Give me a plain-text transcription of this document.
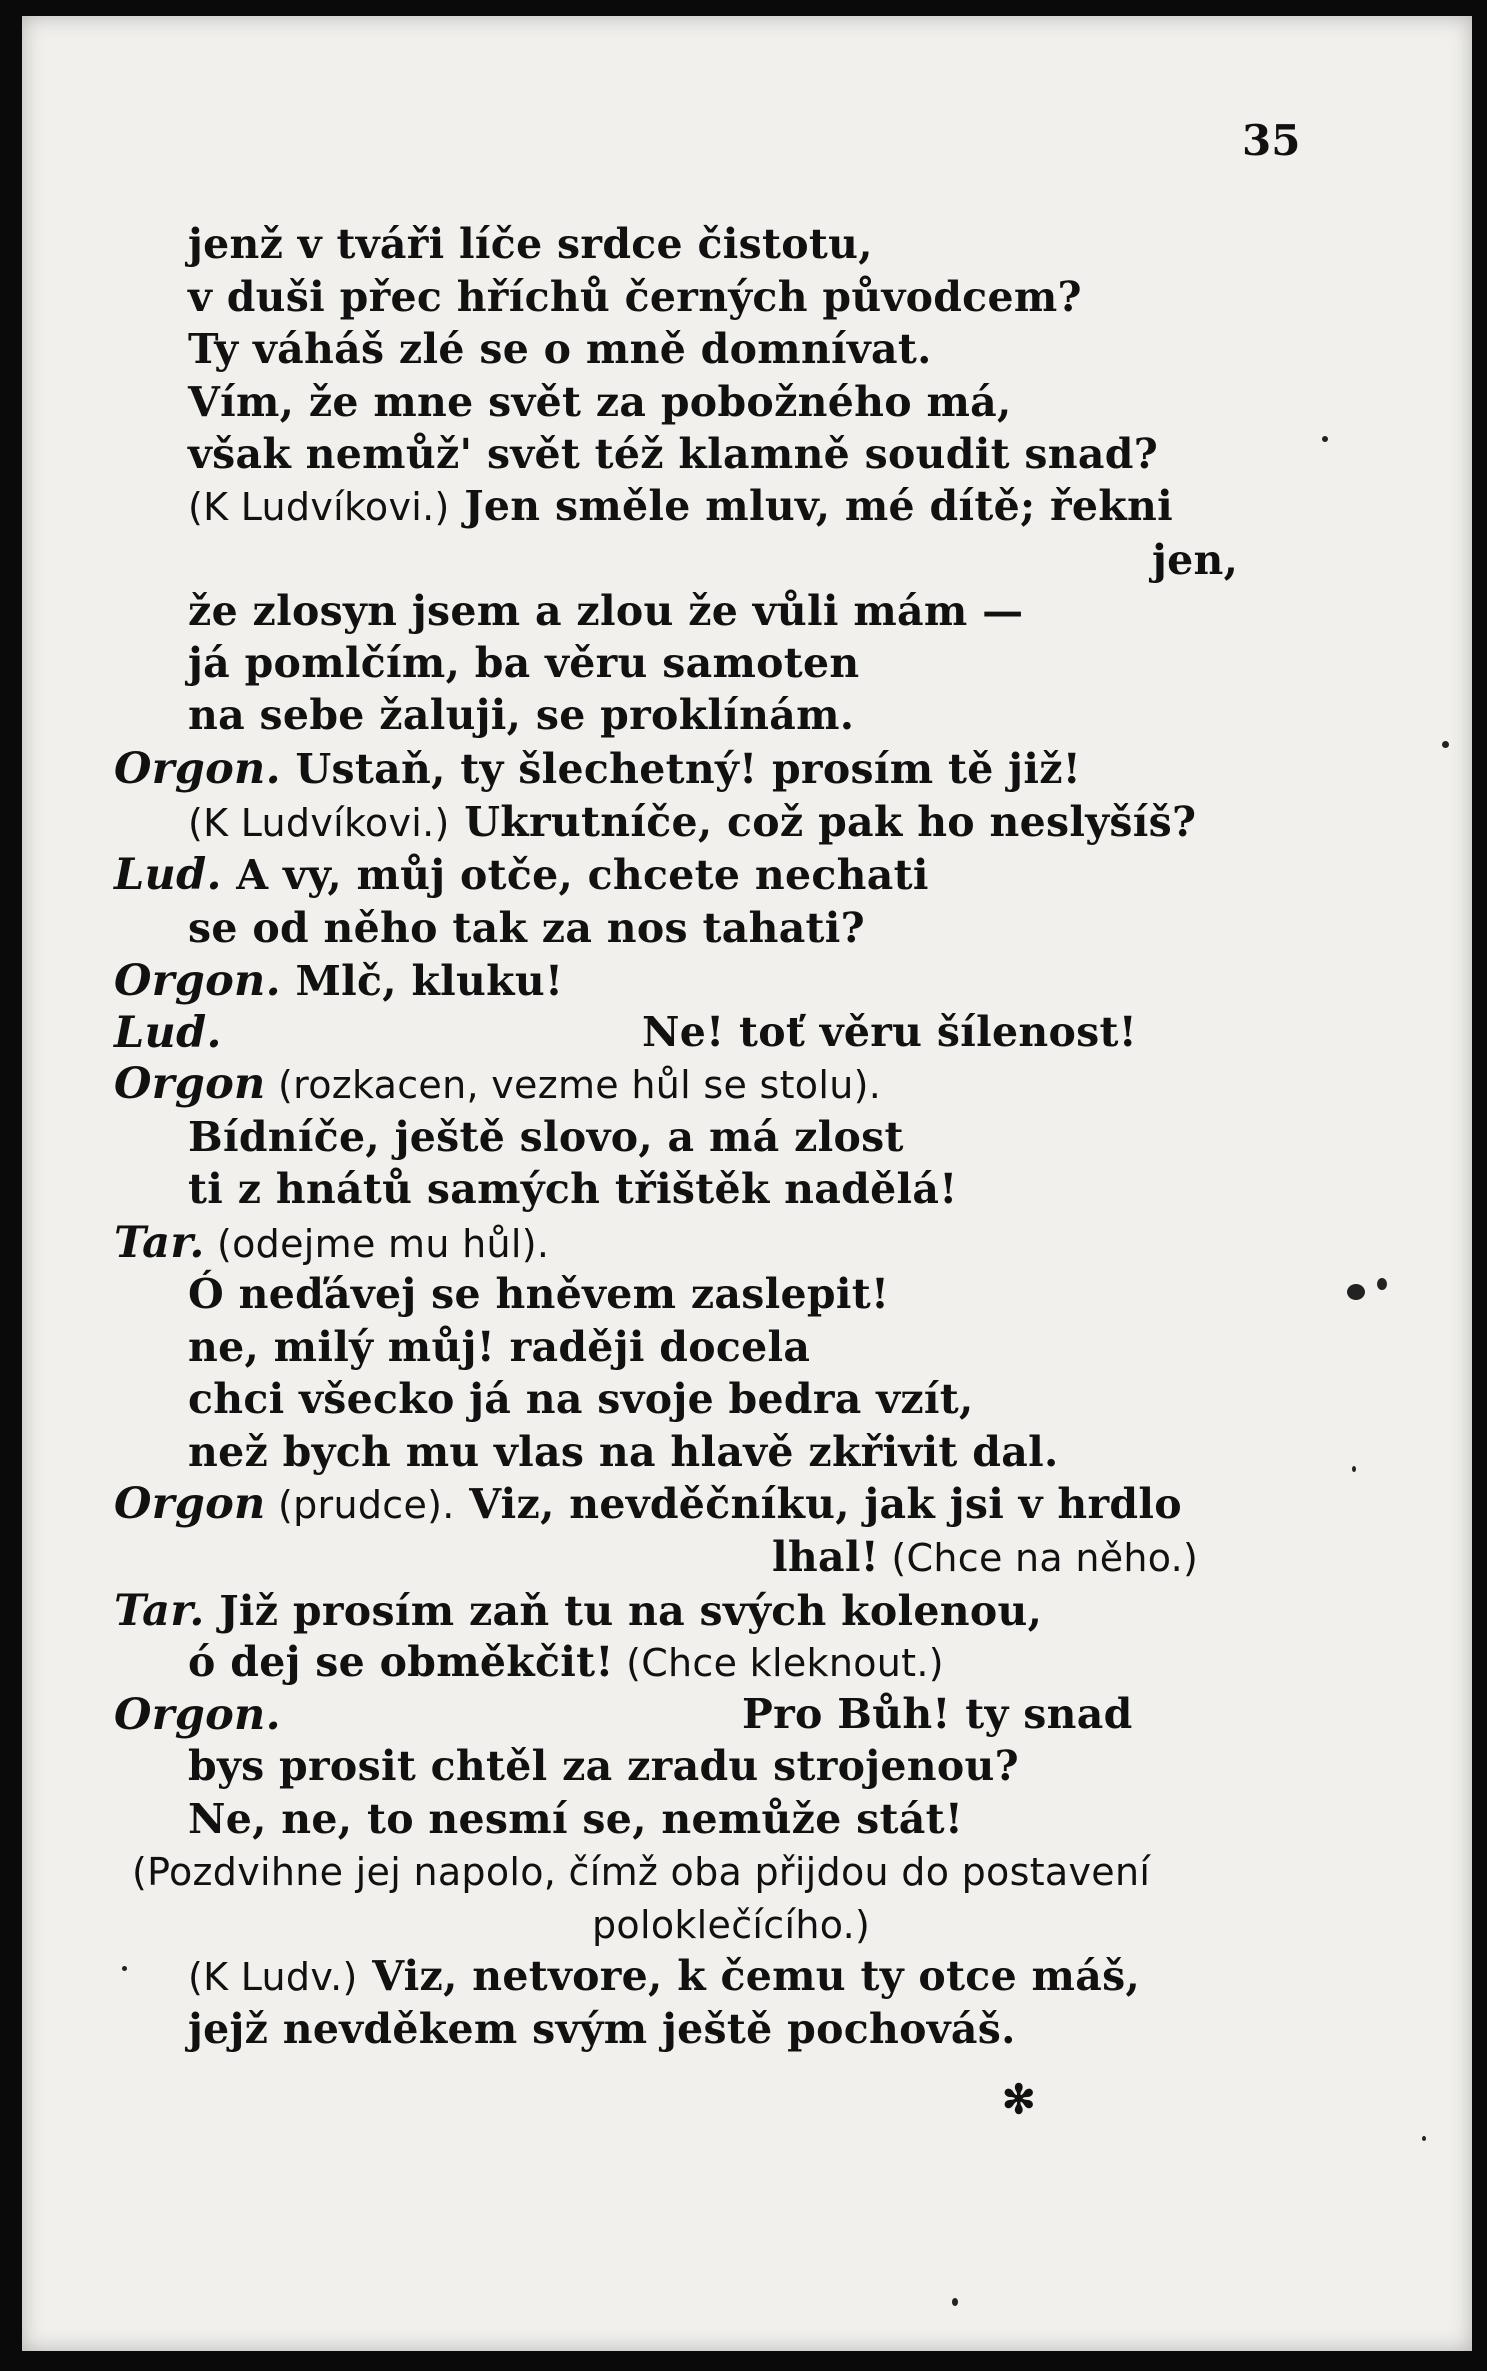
35
jenž v tváři líče srdce čistotu,
v duši přec hříchů černých původcem?
Ty váháš zlé se o mně domnívat.
Vím, že mne svět za pobožného má,
však nemůž' svět též klamně soudit snad?
(K Ludvíkovi.) Jen směle mluv, mé dítě; řekni
jen,
že zlosyn jsem a zlou že vůli mám —
já pomlčím, ba věru samoten
na sebe žaluji, se proklínám.
Orgon. Ustaň, ty šlechetný! prosím tě již!
(K Ludvíkovi.) Ukrutníče, což pak ho neslyšíš?
Lud. A vy, můj otče, chcete nechati
se od něho tak za nos tahati?
Orgon. Mlč, kluku!
Lud.	Ne! toť věru šílenost!
Orgon (rozkacen, vezme hůl se stolu).
Bídníče, ještě slovo, a má zlost
ti z hnátů samých třištěk nadělá!
Tar. (odejme mu hůl).
Ó neďávej se hněvem zaslepit!
ne, milý můj! raději docela
chci všecko já na svoje bedra vzít,
než bych mu vlas na hlavě zkřivit dal.
Orgon (prudce). Viz, nevděčníku, jak jsi v hrdlo
lhal! (Chce na něho.)
Tar. Již prosím zaň tu na svých kolenou,
ó dej se obměkčit! (Chce kleknout.)
Orgon.	Pro Bůh! ty snad
bys prosit chtěl za zradu strojenou?
Ne, ne, to nesmí se, nemůže stát!
(Pozdvihne jej napolo, čímž oba přijdou do postavení
poloklečícího.)
(K Ludv.) Viz, netvore, k čemu ty otce máš,
jejž nevděkem svým ještě pochováš.
✻
